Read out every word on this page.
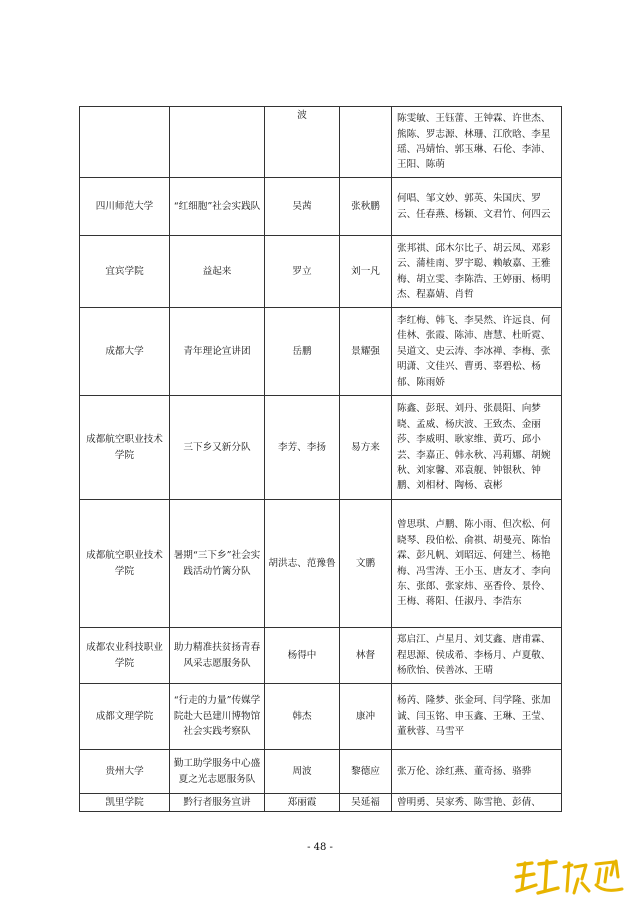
		波		陈雯敏、王钰蕾、王钟霖、许世杰、熊陈、罗志源、林珊、江欣晗、李星瑶、冯婧怡、郭玉琳、石伦、李沛、王阳、陈萌
四川师范大学	“红细胞”社会实践队	吴茜	张秋鹏	何唱、邹文妙、郭英、朱国庆、罗云、任春燕、杨颖、文君竹、何四云
宜宾学院	益起来	罗立	刘一凡	张邦祺、邱木尔比子、胡云凤、邓彩云、蒲桂南、罗宇聪、赖敏嘉、王雅梅、胡立雯、李陈浩、王婷丽、杨明杰、程嘉婧、肖哲
成都大学	青年理论宣讲团	岳鹏	景耀强	李红梅、韩飞、李昊然、许远良、何佳林、张霞、陈沛、唐慧、杜昕霓、吴道文、史云涛、李冰禅、李梅、张明潇、文佳兴、曹勇、辜碧松、杨郁、陈雨娇
成都航空职业技术学院	三下乡又新分队	李芳、李扬	易方来	陈鑫、彭珉、刘丹、张晨阳、向梦晓、孟威、杨庆波、王致杰、金丽莎、李威明、耿家维、黄巧、邱小芸、李嘉正、韩永秋、冯莉娜、胡婉秋、刘家馨、邓袁舰、钟银秋、钟鹏、刘相材、陶杨、袁彬
成都航空职业技术学院	暑期“三下乡”社会实践活动竹篱分队	胡洪志、范豫鲁	文鹏	曾思琪、卢鹏、陈小雨、但次松、何晓琴、段伯松、俞祺、胡曼亮、陈怡霖、彭凡帆、刘昭远、何建兰、杨艳梅、冯雪涛、王小玉、唐友才、李向东、张郎、张家炜、巫香伶、景伶、王梅、蒋阳、任淑丹、李浩东
成都农业科技职业学院	助力精准扶贫扬青春风采志愿服务队	杨得中	林督	郑启江、卢星月、刘艾鑫、唐甫霖、程思源、侯成希、李杨月、卢夏敬、杨欣怡、侯善冰、王晴
成都文理学院	“行走的力量”传媒学院赴大邑建川博物馆社会实践考察队	韩杰	康冲	杨芮、隆梦、张金珂、闫学隆、张加诚、闫玉铭、申玉鑫、王琳、王莹、董秋蓉、马雪平
贵州大学	勤工助学服务中心盛夏之光志愿服务队	周波	黎德应	张万伦、涂红燕、董奇扬、骆骅
凯里学院	黔行者服务宣讲	郑丽霞	吴延福	曾明勇、吴家秀、陈雪艳、彭倩、
- 48 -
